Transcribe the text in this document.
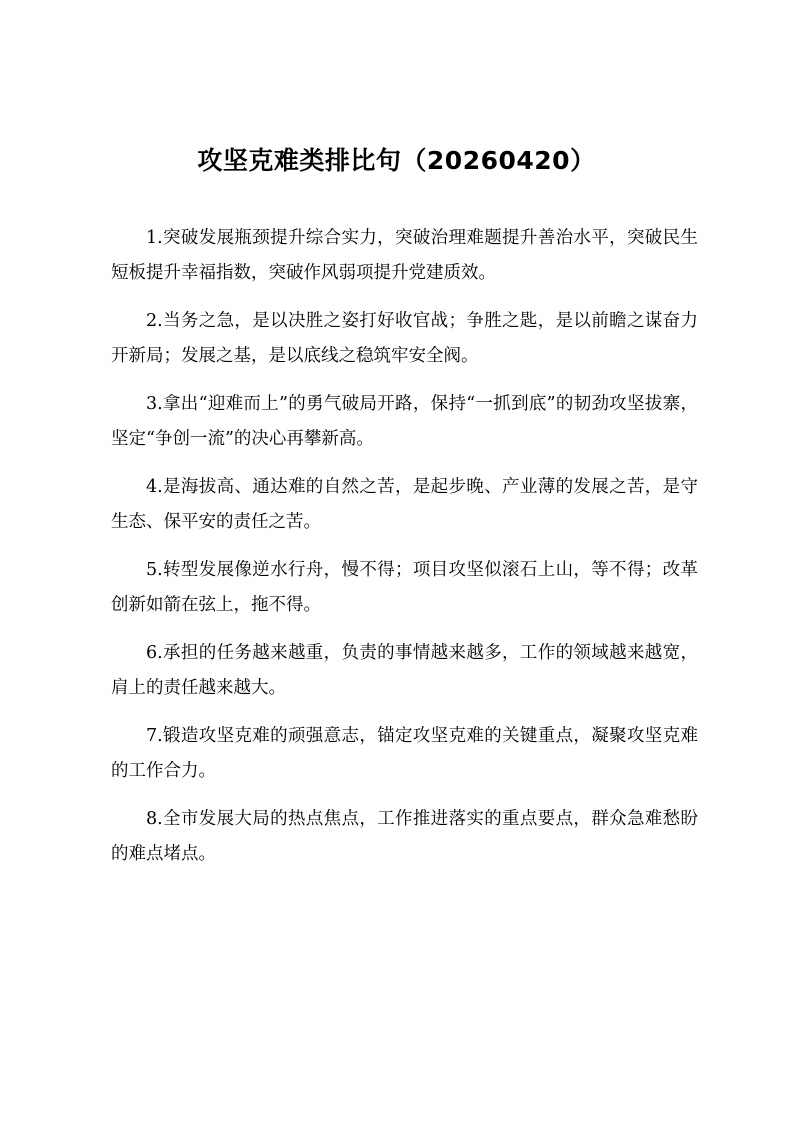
攻坚克难类排比句（20260420）

1.突破发展瓶颈提升综合实力，突破治理难题提升善治水平，突破民生短板提升幸福指数，突破作风弱项提升党建质效。

2.当务之急，是以决胜之姿打好收官战；争胜之匙，是以前瞻之谋奋力开新局；发展之基，是以底线之稳筑牢安全阀。

3.拿出“迎难而上”的勇气破局开路，保持“一抓到底”的韧劲攻坚拔寨，坚定“争创一流”的决心再攀新高。

4.是海拔高、通达难的自然之苦，是起步晚、产业薄的发展之苦，是守生态、保平安的责任之苦。

5.转型发展像逆水行舟，慢不得；项目攻坚似滚石上山，等不得；改革创新如箭在弦上，拖不得。

6.承担的任务越来越重，负责的事情越来越多，工作的领域越来越宽，肩上的责任越来越大。

7.锻造攻坚克难的顽强意志，锚定攻坚克难的关键重点，凝聚攻坚克难的工作合力。

8.全市发展大局的热点焦点，工作推进落实的重点要点，群众急难愁盼的难点堵点。
